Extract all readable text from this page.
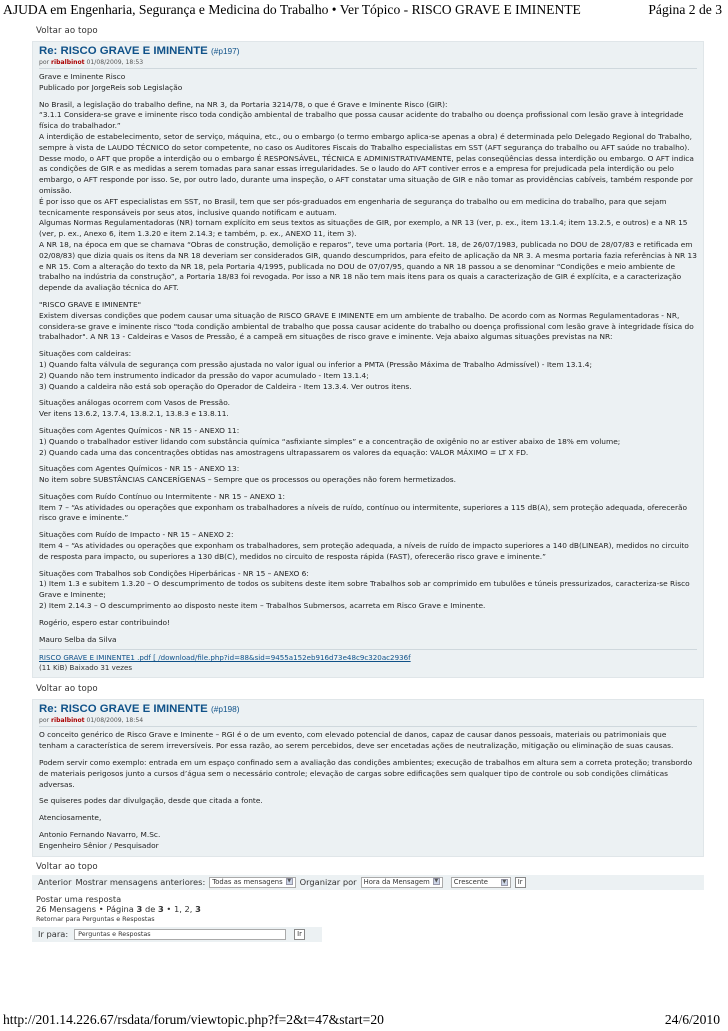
AJUDA em Engenharia, Segurança e Medicina do Trabalho • Ver Tópico - RISCO GRAVE E IMINENTE	Página 2 de 3
Voltar ao topo
Re: RISCO GRAVE E IMINENTE (#p197)
por ribalbinot 01/08/2009, 18:53

Grave e Iminente Risco

Publicado por JorgeReis sob Legislação

No Brasil, a legislação do trabalho define, na NR 3, da Portaria 3214/78, o que é Grave e Iminente Risco (GIR):

“3.1.1 Considera-se grave e iminente risco toda condição ambiental de trabalho que possa causar acidente do trabalho ou doença profissional com lesão grave à integridade física do trabalhador.”

A interdição de estabelecimento, setor de serviço, máquina, etc., ou o embargo (o termo embargo aplica-se apenas a obra) é determinada pelo Delegado Regional do Trabalho, sempre à vista de LAUDO TÉCNICO do setor competente, no caso os Auditores Fiscais do Trabalho especialistas em SST (AFT segurança do trabalho ou AFT saúde no trabalho).

Desse modo, o AFT que propõe a interdição ou o embargo É RESPONSÁVEL, TÉCNICA E ADMINISTRATIVAMENTE, pelas conseqüências dessa interdição ou embargo. O AFT indica as condições de GIR e as medidas a serem tomadas para sanar essas irregularidades. Se o laudo do AFT contiver erros e a empresa for prejudicada pela interdição ou pelo embargo, o AFT responde por isso. Se, por outro lado, durante uma inspeção, o AFT constatar uma situação de GIR e não tomar as providências cabíveis, também responde por omissão.

É por isso que os AFT especialistas em SST, no Brasil, tem que ser pós-graduados em engenharia de segurança do trabalho ou em medicina do trabalho, para que sejam tecnicamente responsáveis por seus atos, inclusive quando notificam e autuam.

Algumas Normas Regulamentadoras (NR) tornam explícito em seus textos as situações de GIR, por exemplo, a NR 13 (ver, p. ex., item 13.1.4; item 13.2.5, e outros) e a NR 15 (ver, p. ex., Anexo 6, item 1.3.20 e item 2.14.3; e também, p. ex., ANEXO 11, item 3).

A NR 18, na época em que se chamava “Obras de construção, demolição e reparos”, teve uma portaria (Port. 18, de 26/07/1983, publicada no DOU de 28/07/83 e retificada em 02/08/83) que dizia quais os itens da NR 18 deveriam ser considerados GIR, quando descumpridos, para efeito de aplicação da NR 3. A mesma portaria fazia referências à NR 13 e NR 15. Com a alteração do texto da NR 18, pela Portaria 4/1995, publicada no DOU de 07/07/95, quando a NR 18 passou a se denominar “Condições e meio ambiente de trabalho na indústria da construção”, a Portaria 18/83 foi revogada. Por isso a NR 18 não tem mais itens para os quais a caracterização de GIR é explícita, e a caracterização depende da avaliação técnica do AFT.

"RISCO GRAVE E IMINENTE"

Existem diversas condições que podem causar uma situação de RISCO GRAVE E IMINENTE em um ambiente de trabalho. De acordo com as Normas Regulamentadoras - NR, considera-se grave e iminente risco "toda condição ambiental de trabalho que possa causar acidente do trabalho ou doença profissional com lesão grave à integridade física do trabalhador". A NR 13 - Caldeiras e Vasos de Pressão, é a campeã em situações de risco grave e iminente. Veja abaixo algumas situações previstas na NR:

Situações com caldeiras:

1) Quando falta válvula de segurança com pressão ajustada no valor igual ou inferior a PMTA (Pressão Máxima de Trabalho Admissível) - Item 13.1.4;

2) Quando não tem instrumento indicador da pressão do vapor acumulado - Item 13.1.4;

3) Quando a caldeira não está sob operação do Operador de Caldeira - Item 13.3.4. Ver outros itens.

Situações análogas ocorrem com Vasos de Pressão.

Ver itens 13.6.2, 13.7.4, 13.8.2.1, 13.8.3 e 13.8.11.

Situações com Agentes Químicos - NR 15 - ANEXO 11:

1) Quando o trabalhador estiver lidando com substância química “asfixiante simples” e a concentração de oxigênio no ar estiver abaixo de 18% em volume;

2) Quando cada uma das concentrações obtidas nas amostragens ultrapassarem os valores da equação: VALOR MÁXIMO = LT X FD.

Situações com Agentes Químicos - NR 15 - ANEXO 13:

No item sobre SUBSTÂNCIAS CANCERÍGENAS – Sempre que os processos ou operações não forem hermetizados.

Situações com Ruído Contínuo ou Intermitente - NR 15 – ANEXO 1:

Item 7 – “As atividades ou operações que exponham os trabalhadores a níveis de ruído, contínuo ou intermitente, superiores a 115 dB(A), sem proteção adequada, oferecerão risco grave e iminente.”

Situações com Ruído de Impacto - NR 15 – ANEXO 2:

Item 4 – “As atividades ou operações que exponham os trabalhadores, sem proteção adequada, a níveis de ruído de impacto superiores a 140 dB(LINEAR), medidos no circuito de resposta para impacto, ou superiores a 130 dB(C), medidos no circuito de resposta rápida (FAST), oferecerão risco grave e iminente.”

Situações com Trabalhos sob Condições Hiperbáricas - NR 15 – ANEXO 6:

1) Item 1.3 e subitem 1.3.20 – O descumprimento de todos os subitens deste item sobre Trabalhos sob ar comprimido em tubulões e túneis pressurizados, caracteriza-se Risco Grave e Iminente;

2) Item 2.14.3 – O descumprimento ao disposto neste item – Trabalhos Submersos, acarreta em Risco Grave e Iminente.

Rogério, espero estar contribuindo!

Mauro Selba da Silva

RISCO GRAVE E IMINENTE1 .pdf [ /download/file.php?id=88&sid=9455a152eb916d73e48c9c320ac2936f
(11 KiB) Baixado 31 vezes
Voltar ao topo
Re: RISCO GRAVE E IMINENTE (#p198)
por ribalbinot 01/08/2009, 18:54

O conceito genérico de Risco Grave e Iminente – RGI é o de um evento, com elevado potencial de danos, capaz de causar danos pessoais, materiais ou patrimoniais que tenham a característica de serem irreversíveis. Por essa razão, ao serem percebidos, deve ser encetadas ações de neutralização, mitigação ou eliminação de suas causas.

Podem servir como exemplo: entrada em um espaço confinado sem a avaliação das condições ambientes; execução de trabalhos em altura sem a correta proteção; transbordo de materiais perigosos junto a cursos d’água sem o necessário controle; elevação de cargas sobre edificações sem qualquer tipo de controle ou sob condições climáticas adversas.

Se quiseres podes dar divulgação, desde que citada a fonte.

Atenciosamente,

Antonio Fernando Navarro, M.Sc.

Engenheiro Sênior / Pesquisador

Voltar ao topo
Anterior Mostrar mensagens anteriores:	Todas as mensagens ▼	Organizar por	Hora da Mensagem ▼	Crescente	▼	Ir
Postar uma resposta
26 Mensagens • Página 3 de 3 • 1, 2, 3
Retornar para Perguntas e Respostas
Ir para:	Perguntas e Respostas	Ir
http://201.14.226.67/rsdata/forum/viewtopic.php?f=2&t=47&start=20	24/6/2010
